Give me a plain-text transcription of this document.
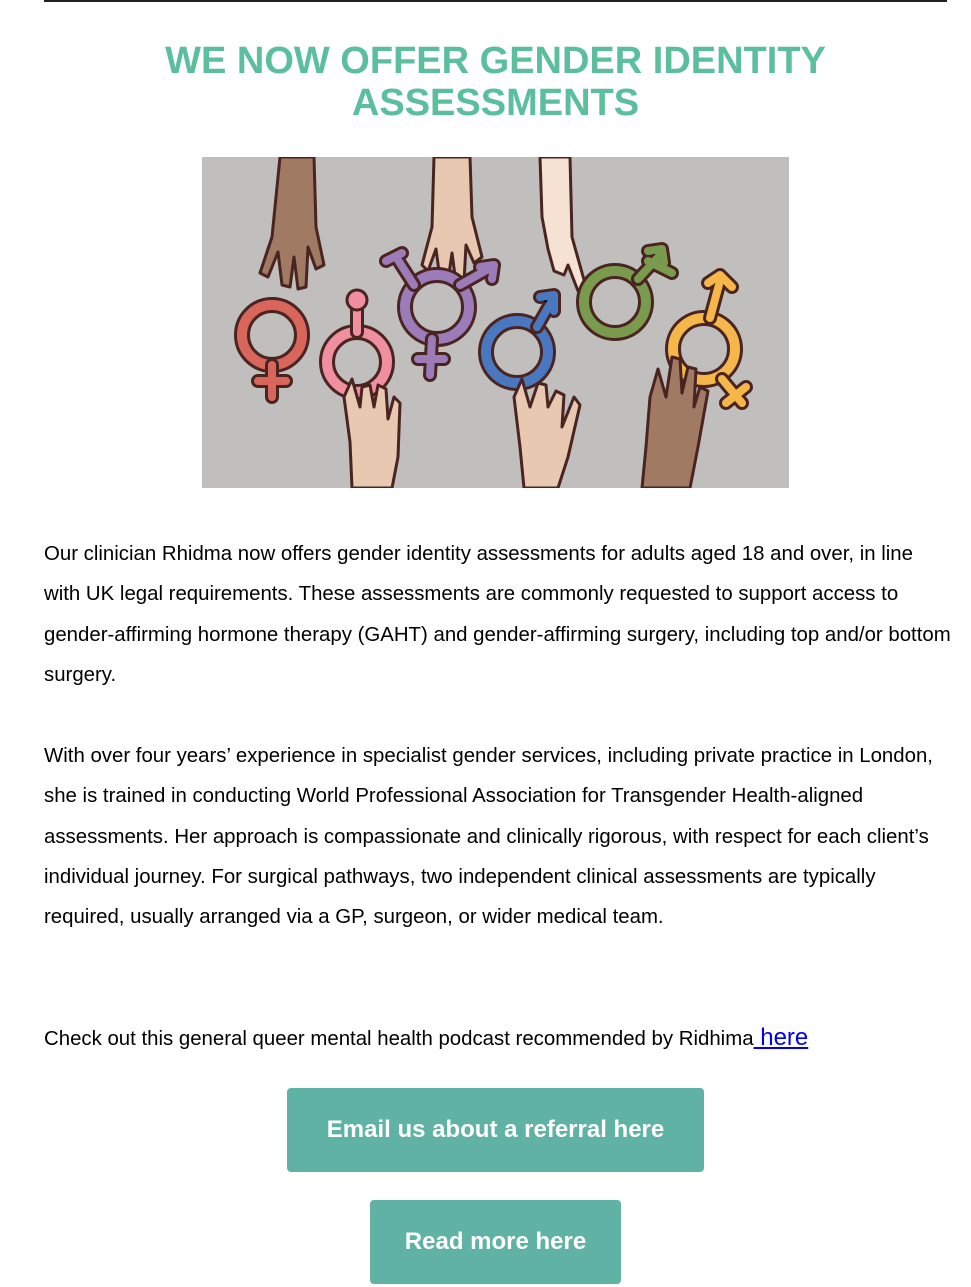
WE NOW OFFER GENDER IDENTITY
ASSESSMENTS

Our clinician Rhidma now offers gender identity assessments for adults aged 18 and over, in line with UK legal requirements. These assessments are commonly requested to support access to gender-affirming hormone therapy (GAHT) and gender-affirming surgery, including top and/or bottom surgery.

With over four years’ experience in specialist gender services, including private practice in London, she is trained in conducting World Professional Association for Transgender Health-aligned assessments. Her approach is compassionate and clinically rigorous, with respect for each client’s individual journey. For surgical pathways, two independent clinical assessments are typically required, usually arranged via a GP, surgeon, or wider medical team.

Check out this general queer mental health podcast recommended by Ridhima here

Email us about a referral here
Read more here
